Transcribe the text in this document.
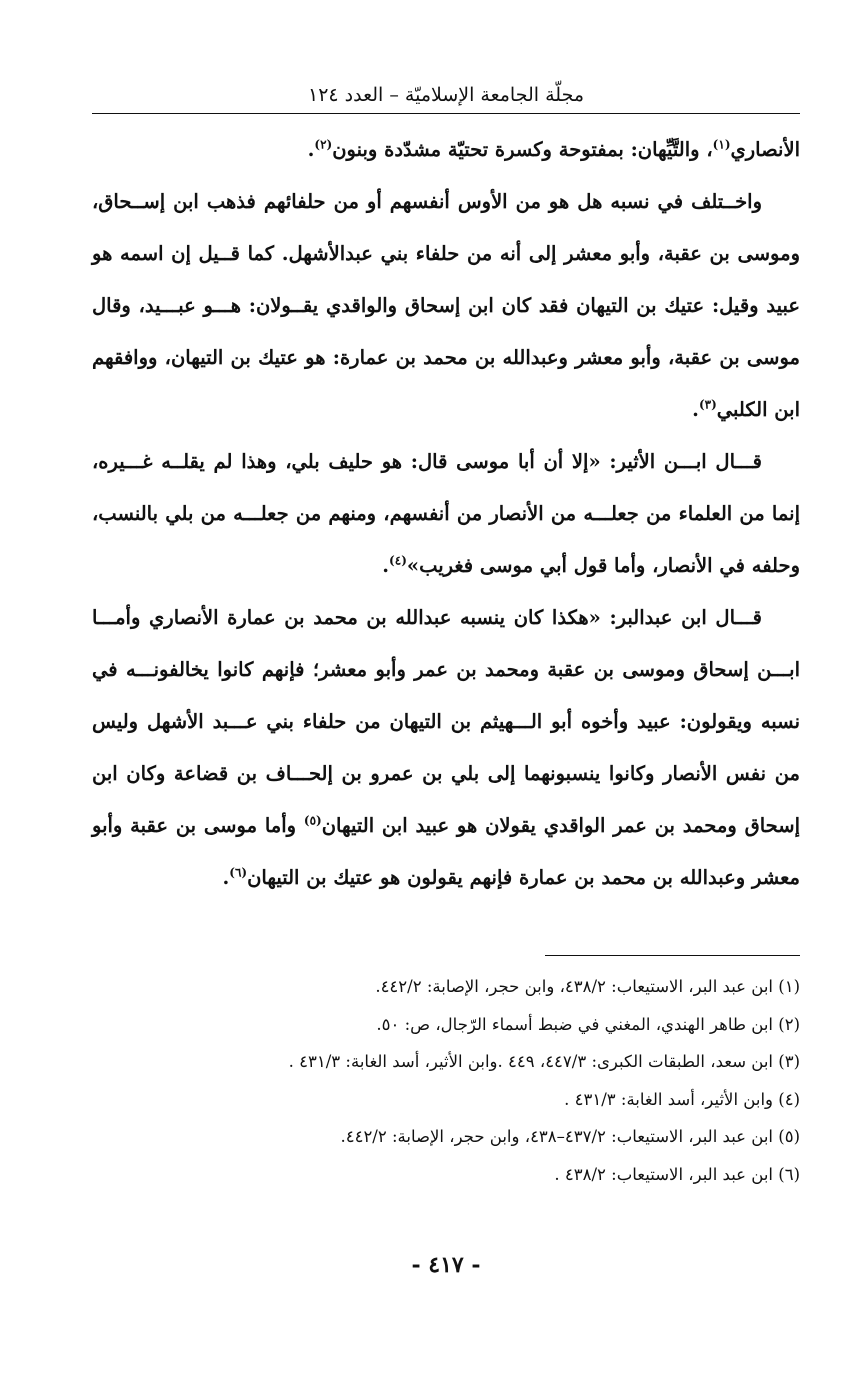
مجلّة الجامعة الإسلاميّة – العدد ١٢٤

الأنصاري$^{(١)}$، والتَّيِّهان: بمفتوحة وكسرة تحتيّة مشدّدة وبنون$^{(٢)}$.

واخــتلف في نسبه هل هو من الأوس أنفسهم أو من حلفائهم فذهب ابن إســحاق، وموسى بن عقبة، وأبو معشر إلى أنه من حلفاء بني عبدالأشهل. كما قــيل إن اسمه هو عبيد وقيل: عتيك بن التيهان فقد كان ابن إسحاق والواقدي يقــولان: هـــو عبـــيد، وقال موسى بن عقبة، وأبو معشر وعبدالله بن محمد بن عمارة: هو عتيك بن التيهان، ووافقهم ابن الكلبي$^{(٣)}$.

قـــال ابـــن الأثير: «إلا أن أبا موسى قال: هو حليف بلي، وهذا لم يقلــه غـــيره، إنما من العلماء من جعلـــه من الأنصار من أنفسهم، ومنهم من جعلـــه من بلي بالنسب، وحلفه في الأنصار، وأما قول أبي موسى فغريب»$^{(٤)}$.

قـــال ابن عبدالبر: «هكذا كان ينسبه عبدالله بن محمد بن عمارة الأنصاري وأمـــا ابـــن إسحاق وموسى بن عقبة ومحمد بن عمر وأبو معشر؛ فإنهم كانوا يخالفونـــه في نسبه ويقولون: عبيد وأخوه أبو الـــهيثم بن التيهان من حلفاء بني عـــبد الأشهل وليس من نفس الأنصار وكانوا ينسبونهما إلى بلي بن عمرو بن إلحـــاف بن قضاعة وكان ابن إسحاق ومحمد بن عمر الواقدي يقولان هو عبيد ابن التيهان$^{(٥)}$ وأما موسى بن عقبة وأبو معشر وعبدالله بن محمد بن عمارة فإنهم يقولون هو عتيك بن التيهان$^{(٦)}$.

(١) ابن عبد البر، الاستيعاب: ٤٣٨/٢، وابن حجر، الإصابة: ٤٤٢/٢.
(٢) ابن طاهر الهندي، المغني في ضبط أسماء الرّجال، ص: ٥٠.
(٣) ابن سعد، الطبقات الكبرى: ٤٤٧/٣، ٤٤٩ .وابن الأثير، أسد الغابة: ٤٣١/٣ .
(٤) وابن الأثير، أسد الغابة: ٤٣١/٣ .
(٥) ابن عبد البر، الاستيعاب: ٤٣٧/٢–٤٣٨، وابن حجر، الإصابة: ٤٤٢/٢.
(٦) ابن عبد البر، الاستيعاب: ٤٣٨/٢ .
- ٤١٧ -
